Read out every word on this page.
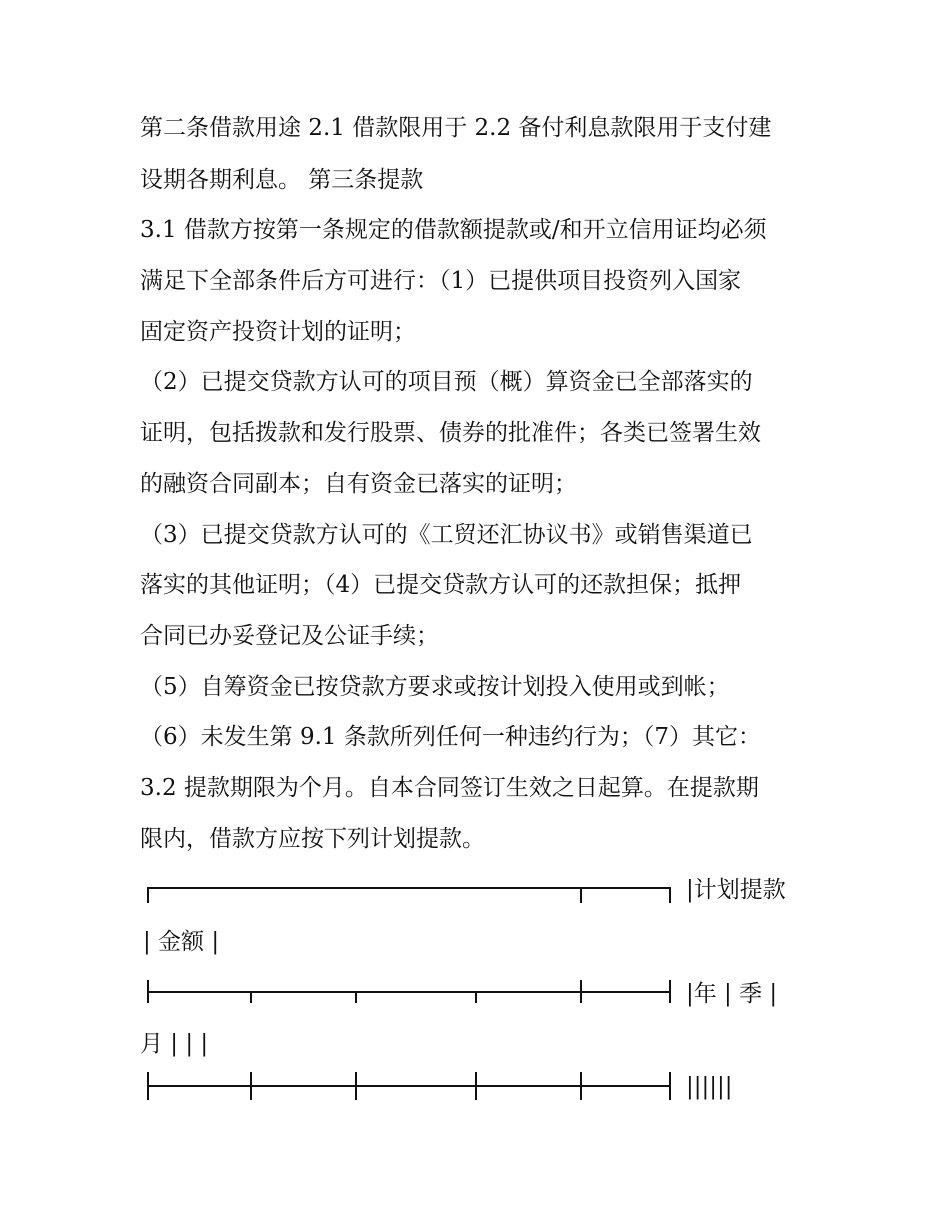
第二条借款用途 2.1 借款限用于 2.2 备付利息款限用于支付建
设期各期利息。 第三条提款
3.1 借款方按第一条规定的借款额提款或/和开立信用证均必须
满足下全部条件后方可进行：（1）已提供项目投资列入国家
固定资产投资计划的证明；
（2）已提交贷款方认可的项目预（概）算资金已全部落实的
证明，包括拨款和发行股票、债券的批准件；各类已签署生效
的融资合同副本；自有资金已落实的证明；
（3）已提交贷款方认可的《工贸还汇协议书》或销售渠道已
落实的其他证明；（4）已提交贷款方认可的还款担保；抵押
合同已办妥登记及公证手续；
（5）自筹资金已按贷款方要求或按计划投入使用或到帐；
（6）未发生第 9.1 条款所列任何一种违约行为；（7）其它：
3.2 提款期限为个月。自本合同签订生效之日起算。在提款期
限内，借款方应按下列计划提款。
|计划提款
| 金额 |
|年 | 季 |
月 | | |
||||||
